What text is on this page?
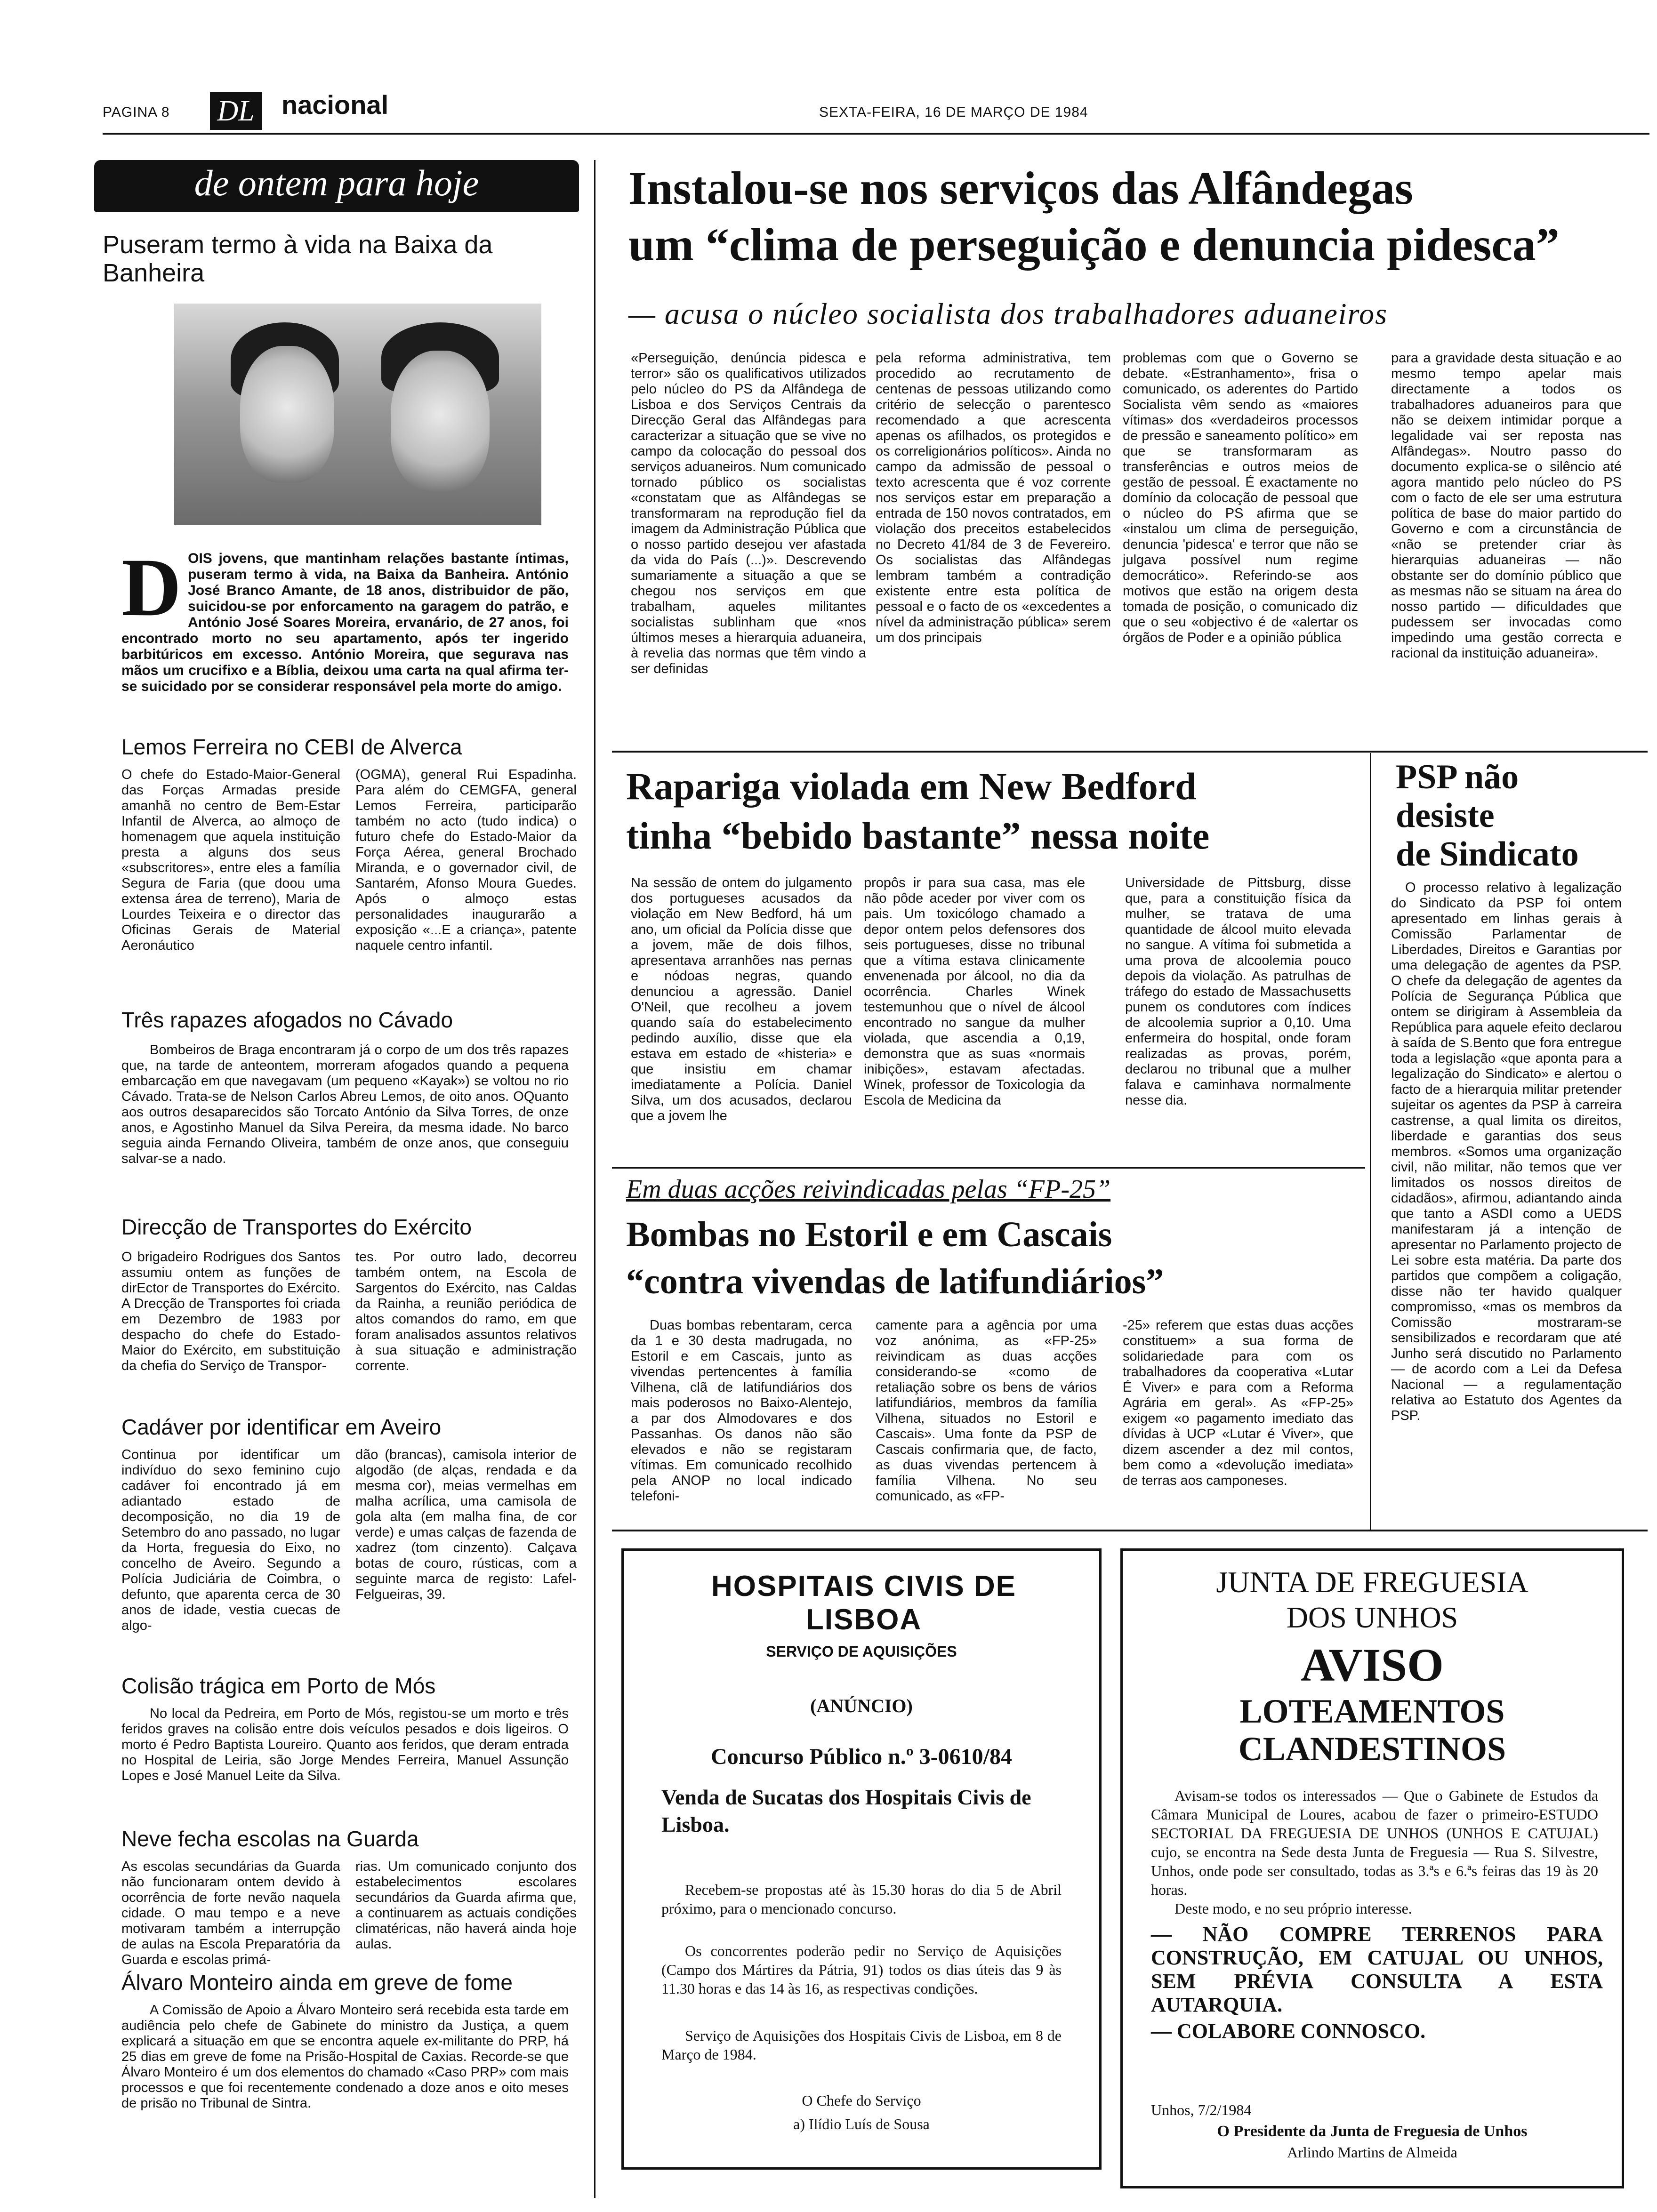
PAGINA 8 DL nacional	SEXTA-FEIRA, 16 DE MARÇO DE 1984
de ontem para hoje
Puseram termo à vida na Baixa da Banheira
DOIS jovens, que mantinham relações bastante íntimas, puseram termo à vida, na Baixa da Banheira. António José Branco Amante, de 18 anos, distribuidor de pão, suicidou-se por enforcamento na garagem do patrão, e António José Soares Moreira, ervanário, de 27 anos, foi encontrado morto no seu apartamento, após ter ingerido barbitúricos em excesso. António Moreira, que segurava nas mãos um crucifixo e a Bíblia, deixou uma carta na qual afirma ter-se suicidado por se considerar responsável pela morte do amigo.
Lemos Ferreira no CEBI de Alverca
O chefe do Estado-Maior-General das Forças Armadas preside amanhã no centro de Bem-Estar Infantil de Alverca, ao almoço de homenagem que aquela instituição presta a alguns dos seus «subscritores», entre eles a família Segura de Faria (que doou uma extensa área de terreno), Maria de Lourdes Teixeira e o director das Oficinas Gerais de Material Aeronáutico
(OGMA), general Rui Espadinha. Para além do CEMGFA, general Lemos Ferreira, participarão também no acto (tudo indica) o futuro chefe do Estado-Maior da Força Aérea, general Brochado Miranda, e o governador civil, de Santarém, Afonso Moura Guedes. Após o almoço estas personalidades inaugurarão a exposição «...E a criança», patente naquele centro infantil.
Três rapazes afogados no Cávado
Bombeiros de Braga encontraram já o corpo de um dos três rapazes que, na tarde de anteontem, morreram afogados quando a pequena embarcação em que navegavam (um pequeno «Kayak») se voltou no rio Cávado. Trata-se de Nelson Carlos Abreu Lemos, de oito anos. OQuanto aos outros desaparecidos são Torcato António da Silva Torres, de onze anos, e Agostinho Manuel da Silva Pereira, da mesma idade. No barco seguia ainda Fernando Oliveira, também de onze anos, que conseguiu salvar-se a nado.
Direcção de Transportes do Exército
O brigadeiro Rodrigues dos Santos assumiu ontem as funções de dirEctor de Transportes do Exército. A Drecção de Transportes foi criada em Dezembro de 1983 por despacho do chefe do Estado-Maior do Exército, em substituição da chefia do Serviço de Transpor-
tes. Por outro lado, decorreu também ontem, na Escola de Sargentos do Exército, nas Caldas da Rainha, a reunião periódica de altos comandos do ramo, em que foram analisados assuntos relativos à sua situação e administração corrente.
Cadáver por identificar em Aveiro
Continua por identificar um indivíduo do sexo feminino cujo cadáver foi encontrado já em adiantado estado de decomposição, no dia 19 de Setembro do ano passado, no lugar da Horta, freguesia do Eixo, no concelho de Aveiro. Segundo a Polícia Judiciária de Coimbra, o defunto, que aparenta cerca de 30 anos de idade, vestia cuecas de algo-
dão (brancas), camisola interior de algodão (de alças, rendada e da mesma cor), meias vermelhas em malha acrílica, uma camisola de gola alta (em malha fina, de cor verde) e umas calças de fazenda de xadrez (tom cinzento). Calçava botas de couro, rústicas, com a seguinte marca de registo: Lafel-Felgueiras, 39.
Colisão trágica em Porto de Mós
No local da Pedreira, em Porto de Mós, registou-se um morto e três feridos graves na colisão entre dois veículos pesados e dois ligeiros. O morto é Pedro Baptista Loureiro. Quanto aos feridos, que deram entrada no Hospital de Leiria, são Jorge Mendes Ferreira, Manuel Assunção Lopes e José Manuel Leite da Silva.
Neve fecha escolas na Guarda
As escolas secundárias da Guarda não funcionaram ontem devido à ocorrência de forte nevão naquela cidade. O mau tempo e a neve motivaram também a interrupção de aulas na Escola Preparatória da Guarda e escolas primá-
rias. Um comunicado conjunto dos estabelecimentos escolares secundários da Guarda afirma que, a continuarem as actuais condições climatéricas, não haverá ainda hoje aulas.
Álvaro Monteiro ainda em greve de fome
A Comissão de Apoio a Álvaro Monteiro será recebida esta tarde em audiência pelo chefe de Gabinete do ministro da Justiça, a quem explicará a situação em que se encontra aquele ex-militante do PRP, há 25 dias em greve de fome na Prisão-Hospital de Caxias. Recorde-se que Álvaro Monteiro é um dos elementos do chamado «Caso PRP» com mais processos e que foi recentemente condenado a doze anos e oito meses de prisão no Tribunal de Sintra.
Instalou-se nos serviços das Alfândegas
um “clima de perseguição e denuncia pidesca”
— acusa o núcleo socialista dos trabalhadores aduaneiros
«Perseguição, denúncia pidesca e terror» são os qualificativos utilizados pelo núcleo do PS da Alfândega de Lisboa e dos Serviços Centrais da Direcção Geral das Alfândegas para caracterizar a situação que se vive no campo da colocação do pessoal dos serviços aduaneiros. Num comunicado tornado público os socialistas «constatam que as Alfândegas se transformaram na reprodução fiel da imagem da Administração Pública que o nosso partido desejou ver afastada da vida do País (...)». Descrevendo sumariamente a situação a que se chegou nos serviços em que trabalham, aqueles militantes socialistas sublinham que «nos últimos meses a hierarquia aduaneira, à revelia das normas que têm vindo a ser definidas
pela reforma administrativa, tem procedido ao recrutamento de centenas de pessoas utilizando como critério de selecção o parentesco recomendado a que acrescenta apenas os afilhados, os protegidos e os correligionários políticos». Ainda no campo da admissão de pessoal o texto acrescenta que é voz corrente nos serviços estar em preparação a entrada de 150 novos contratados, em violação dos preceitos estabelecidos no Decreto 41/84 de 3 de Fevereiro. Os socialistas das Alfândegas lembram também a contradição existente entre esta política de pessoal e o facto de os «excedentes a nível da administração pública» serem um dos principais
problemas com que o Governo se debate. «Estranhamento», frisa o comunicado, os aderentes do Partido Socialista vêm sendo as «maiores vítimas» dos «verdadeiros processos de pressão e saneamento político» em que se transformaram as transferências e outros meios de gestão de pessoal. É exactamente no domínio da colocação de pessoal que o núcleo do PS afirma que se «instalou um clima de perseguição, denuncia 'pidesca' e terror que não se julgava possível num regime democrático». Referindo-se aos motivos que estão na origem desta tomada de posição, o comunicado diz que o seu «objectivo é de «alertar os órgãos de Poder e a opinião pública
para a gravidade desta situação e ao mesmo tempo apelar mais directamente a todos os trabalhadores aduaneiros para que não se deixem intimidar porque a legalidade vai ser reposta nas Alfândegas». Noutro passo do documento explica-se o silêncio até agora mantido pelo núcleo do PS com o facto de ele ser uma estrutura política de base do maior partido do Governo e com a circunstância de «não se pretender criar às hierarquias aduaneiras — não obstante ser do domínio público que as mesmas não se situam na área do nosso partido — dificuldades que pudessem ser invocadas como impedindo uma gestão correcta e racional da instituição aduaneira».
Rapariga violada em New Bedford
tinha “bebido bastante” nessa noite
Na sessão de ontem do julgamento dos portugueses acusados da violação em New Bedford, há um ano, um oficial da Polícia disse que a jovem, mãe de dois filhos, apresentava arranhões nas pernas e nódoas negras, quando denunciou a agressão. Daniel O'Neil, que recolheu a jovem quando saía do estabelecimento pedindo auxílio, disse que ela estava em estado de «histeria» e que insistiu em chamar imediatamente a Polícia. Daniel Silva, um dos acusados, declarou que a jovem lhe
propôs ir para sua casa, mas ele não pôde aceder por viver com os pais. Um toxicólogo chamado a depor ontem pelos defensores dos seis portugueses, disse no tribunal que a vítima estava clinicamente envenenada por álcool, no dia da ocorrência. Charles Winek testemunhou que o nível de álcool encontrado no sangue da mulher violada, que ascendia a 0,19, demonstra que as suas «normais inibições», estavam afectadas. Winek, professor de Toxicologia da Escola de Medicina da
Universidade de Pittsburg, disse que, para a constituição física da mulher, se tratava de uma quantidade de álcool muito elevada no sangue. A vítima foi submetida a uma prova de alcoolemia pouco depois da violação. As patrulhas de tráfego do estado de Massachusetts punem os condutores com índices de alcoolemia suprior a 0,10. Uma enfermeira do hospital, onde foram realizadas as provas, porém, declarou no tribunal que a mulher falava e caminhava normalmente nesse dia.
PSP não
desiste
de Sindicato
O processo relativo à legalização do Sindicato da PSP foi ontem apresentado em linhas gerais à Comissão Parlamentar de Liberdades, Direitos e Garantias por uma delegação de agentes da PSP. O chefe da delegação de agentes da Polícia de Segurança Pública que ontem se dirigiram à Assembleia da República para aquele efeito declarou à saída de S.Bento que fora entregue toda a legislação «que aponta para a legalização do Sindicato» e alertou o facto de a hierarquia militar pretender sujeitar os agentes da PSP à carreira castrense, a qual limita os direitos, liberdade e garantias dos seus membros. «Somos uma organização civil, não militar, não temos que ver limitados os nossos direitos de cidadãos», afirmou, adiantando ainda que tanto a ASDI como a UEDS manifestaram já a intenção de apresentar no Parlamento projecto de Lei sobre esta matéria. Da parte dos partidos que compõem a coligação, disse não ter havido qualquer compromisso, «mas os membros da Comissão mostraram-se sensibilizados e recordaram que até Junho será discutido no Parlamento — de acordo com a Lei da Defesa Nacional — a regulamentação relativa ao Estatuto dos Agentes da PSP.
Em duas acções reivindicadas pelas “FP-25”
Bombas no Estoril e em Cascais
“contra vivendas de latifundiários”
Duas bombas rebentaram, cerca da 1 e 30 desta madrugada, no Estoril e em Cascais, junto as vivendas pertencentes à família Vilhena, clã de latifundiários dos mais poderosos no Baixo-Alentejo, a par dos Almodovares e dos Passanhas. Os danos não são elevados e não se registaram vítimas. Em comunicado recolhido pela ANOP no local indicado telefoni-
camente para a agência por uma voz anónima, as «FP-25» reivindicam as duas acções considerando-se «como de retaliação sobre os bens de vários latifundiários, membros da família Vilhena, situados no Estoril e Cascais». Uma fonte da PSP de Cascais confirmaria que, de facto, as duas vivendas pertencem à família Vilhena. No seu comunicado, as «FP-
-25» referem que estas duas acções constituem» a sua forma de solidariedade para com os trabalhadores da cooperativa «Lutar É Viver» e para com a Reforma Agrária em geral». As «FP-25» exigem «o pagamento imediato das dívidas à UCP «Lutar é Viver», que dizem ascender a dez mil contos, bem como a «devolução imediata» de terras aos camponeses.
HOSPITAIS CIVIS DE LISBOA
SERVIÇO DE AQUISIÇÕES
(ANÚNCIO)
Concurso Público n.º 3-0610/84
Venda de Sucatas dos Hospitais Civis de Lisboa.
Recebem-se propostas até às 15.30 horas do dia 5 de Abril próximo, para o mencionado concurso.
Os concorrentes poderão pedir no Serviço de Aquisições (Campo dos Mártires da Pátria, 91) todos os dias úteis das 9 às 11.30 horas e das 14 às 16, as respectivas condições.
Serviço de Aquisições dos Hospitais Civis de Lisboa, em 8 de Março de 1984.
O Chefe do Serviço
a) Ilídio Luís de Sousa
JUNTA DE FREGUESIA
DOS UNHOS
AVISO
LOTEAMENTOS
CLANDESTINOS
Avisam-se todos os interessados — Que o Gabinete de Estudos da Câmara Municipal de Loures, acabou de fazer o primeiro-ESTUDO SECTORIAL DA FREGUESIA DE UNHOS (UNHOS E CATUJAL) cujo, se encontra na Sede desta Junta de Freguesia — Rua S. Silvestre, Unhos, onde pode ser consultado, todas as 3.ªs e 6.ªs feiras das 19 às 20 horas.
Deste modo, e no seu próprio interesse.
— NÃO COMPRE TERRENOS PARA CONSTRUÇÃO, EM CATUJAL OU UNHOS, SEM PRÉVIA CONSULTA A ESTA AUTARQUIA.
— COLABORE CONNOSCO.
Unhos, 7/2/1984
O Presidente da Junta de Freguesia de Unhos
Arlindo Martins de Almeida
